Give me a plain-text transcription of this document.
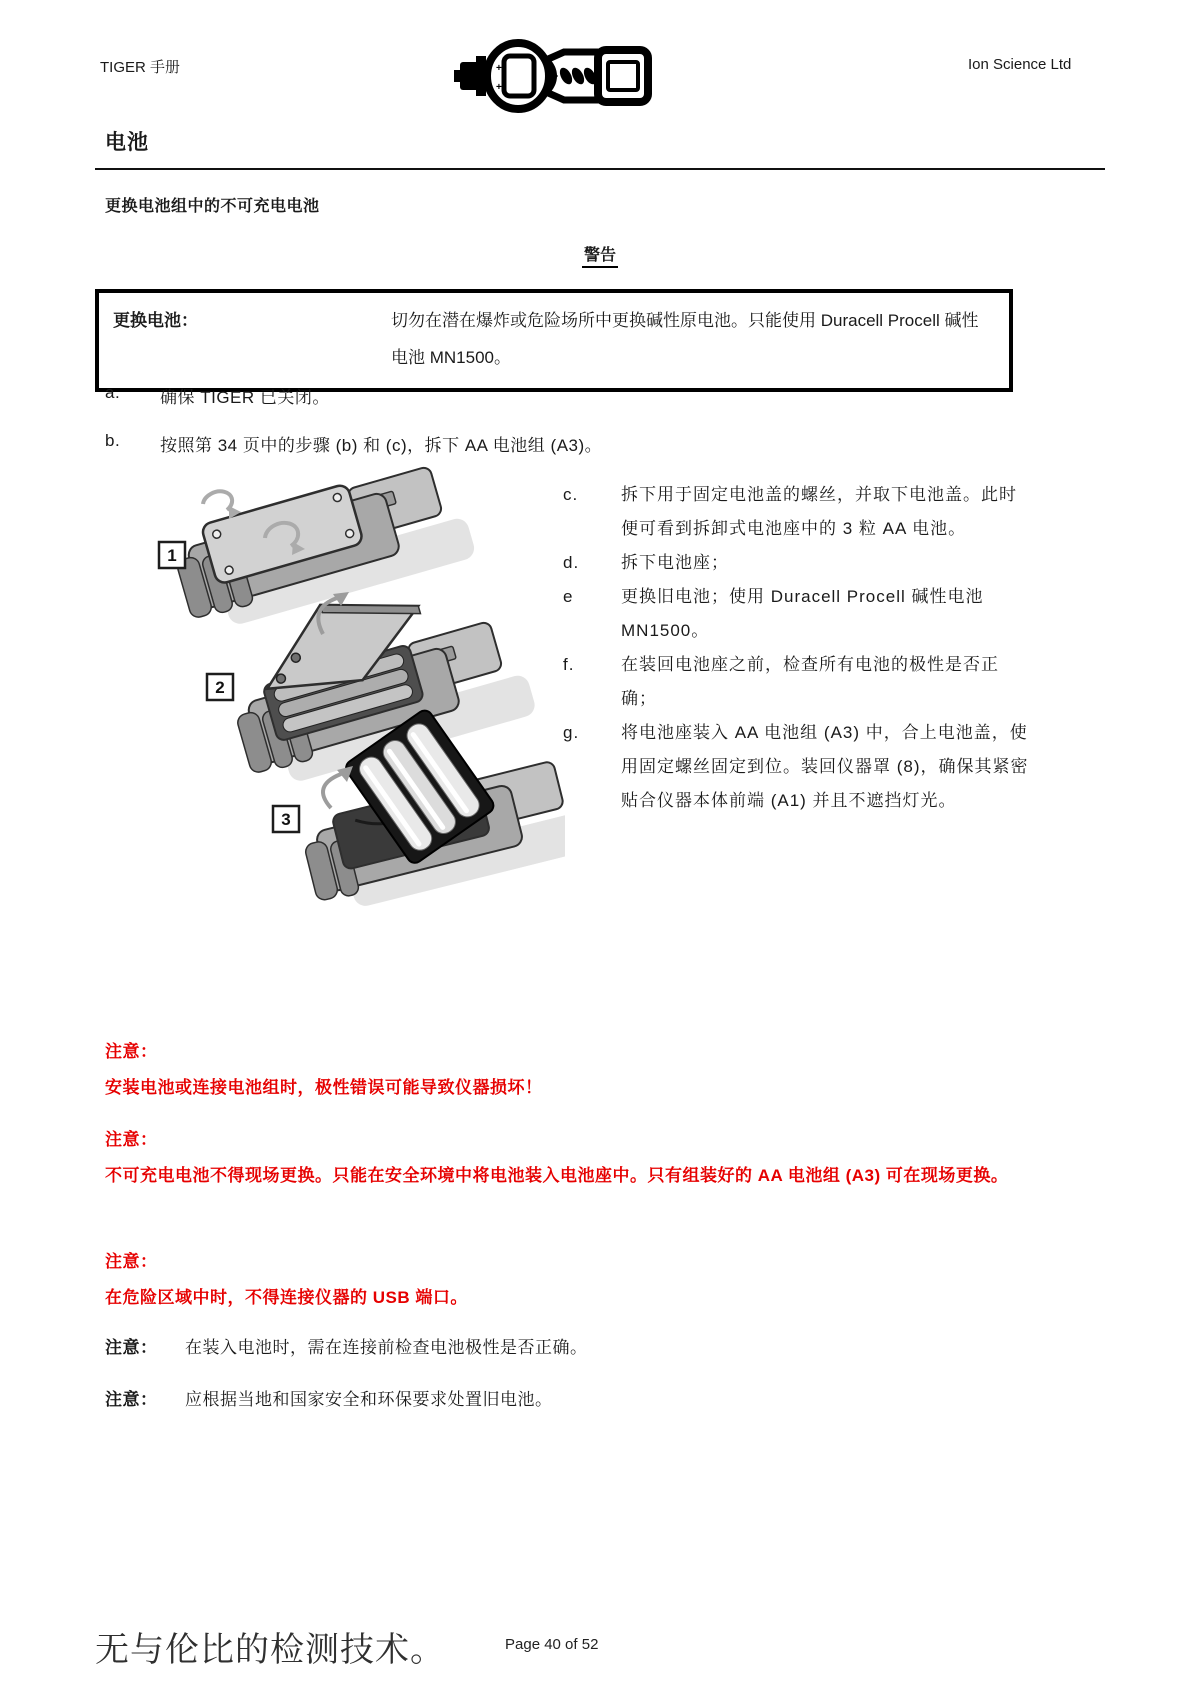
TIGER 手册	+
+
Ion Science Ltd
电池
更换电池组中的不可充电电池
警告
更换电池：	切勿在潜在爆炸或危险场所中更换碱性原电池。只能使用 Duracell Procell 碱性电池 MN1500。
a.	确保 TIGER 已关闭。
b.	按照第 34 页中的步骤 (b) 和 (c)，拆下 AA 电池组 (A3)。
1
2
3
c.	拆下用于固定电池盖的螺丝，并取下电池盖。此时便可看到拆卸式电池座中的 3 粒 AA 电池。
d.	拆下电池座；
e	更换旧电池；使用 Duracell Procell 碱性电池 MN1500。
f.	在装回电池座之前，检查所有电池的极性是否正确；
g.	将电池座装入 AA 电池组 (A3) 中，合上电池盖，使用固定螺丝固定到位。装回仪器罩 (8)，确保其紧密贴合仪器本体前端 (A1) 并且不遮挡灯光。
注意：
安装电池或连接电池组时，极性错误可能导致仪器损坏！
注意：
不可充电电池不得现场更换。只能在安全环境中将电池装入电池座中。只有组装好的 AA 电池组 (A3) 可在现场更换。
注意：
在危险区域中时，不得连接仪器的 USB 端口。
注意：	在装入电池时，需在连接前检查电池极性是否正确。
注意：	应根据当地和国家安全和环保要求处置旧电池。
无与伦比的检测技术。	Page 40 of 52
